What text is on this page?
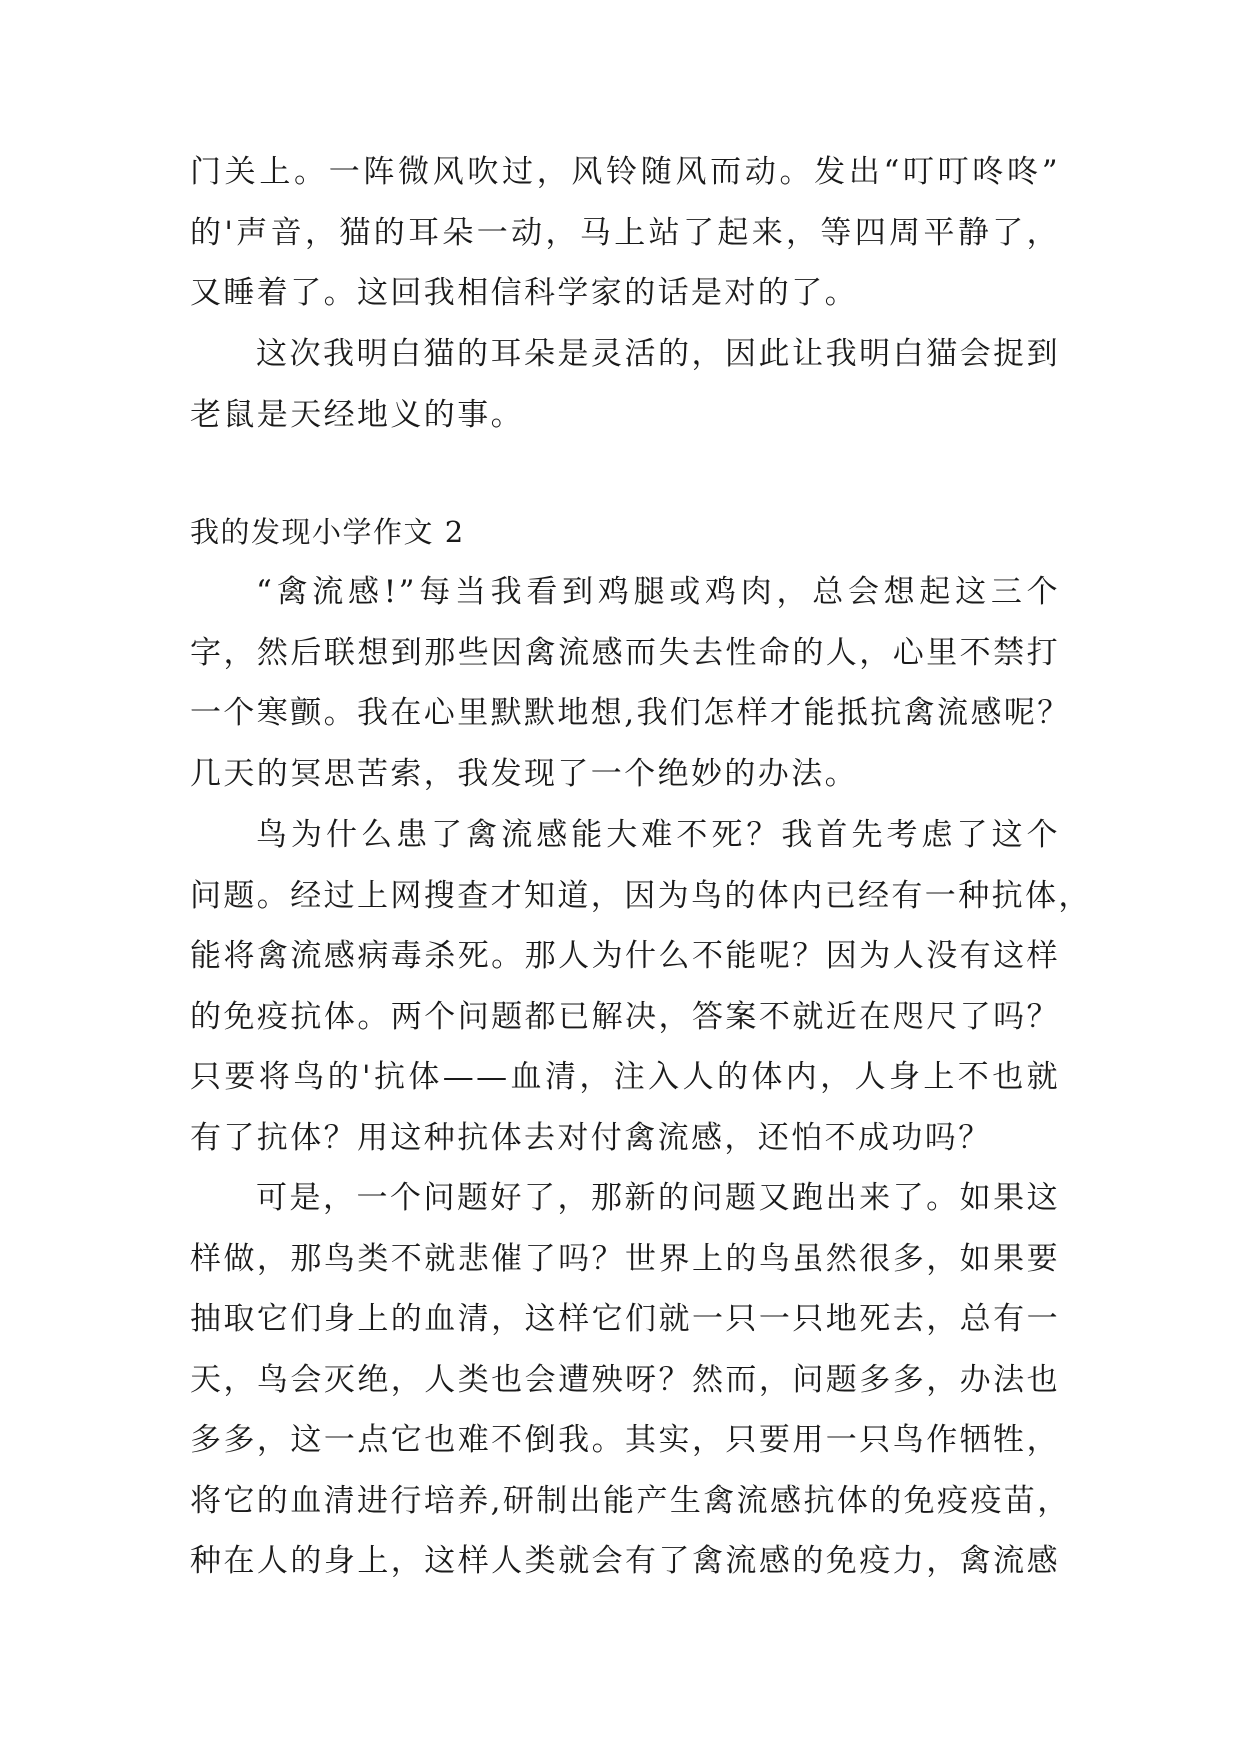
门关上。一阵微风吹过，风铃随风而动。发出“叮叮咚咚”
的'声音，猫的耳朵一动，马上站了起来，等四周平静了，
又睡着了。这回我相信科学家的话是对的了。
这次我明白猫的耳朵是灵活的，因此让我明白猫会捉到
老鼠是天经地义的事。
我的发现小学作文 2
“禽流感!”每当我看到鸡腿或鸡肉，总会想起这三个
字，然后联想到那些因禽流感而失去性命的人，心里不禁打
一个寒颤。我在心里默默地想,我们怎样才能抵抗禽流感呢？
几天的冥思苦索，我发现了一个绝妙的办法。
鸟为什么患了禽流感能大难不死？我首先考虑了这个
问题。经过上网搜查才知道，因为鸟的体内已经有一种抗体，
能将禽流感病毒杀死。那人为什么不能呢？因为人没有这样
的免疫抗体。两个问题都已解决，答案不就近在咫尺了吗？
只要将鸟的'抗体——血清，注入人的体内，人身上不也就
有了抗体？用这种抗体去对付禽流感，还怕不成功吗？
可是，一个问题好了，那新的问题又跑出来了。如果这
样做，那鸟类不就悲催了吗？世界上的鸟虽然很多，如果要
抽取它们身上的血清，这样它们就一只一只地死去，总有一
天，鸟会灭绝，人类也会遭殃呀？然而，问题多多，办法也
多多，这一点它也难不倒我。其实，只要用一只鸟作牺牲，
将它的血清进行培养,研制出能产生禽流感抗体的免疫疫苗，
种在人的身上，这样人类就会有了禽流感的免疫力，禽流感
